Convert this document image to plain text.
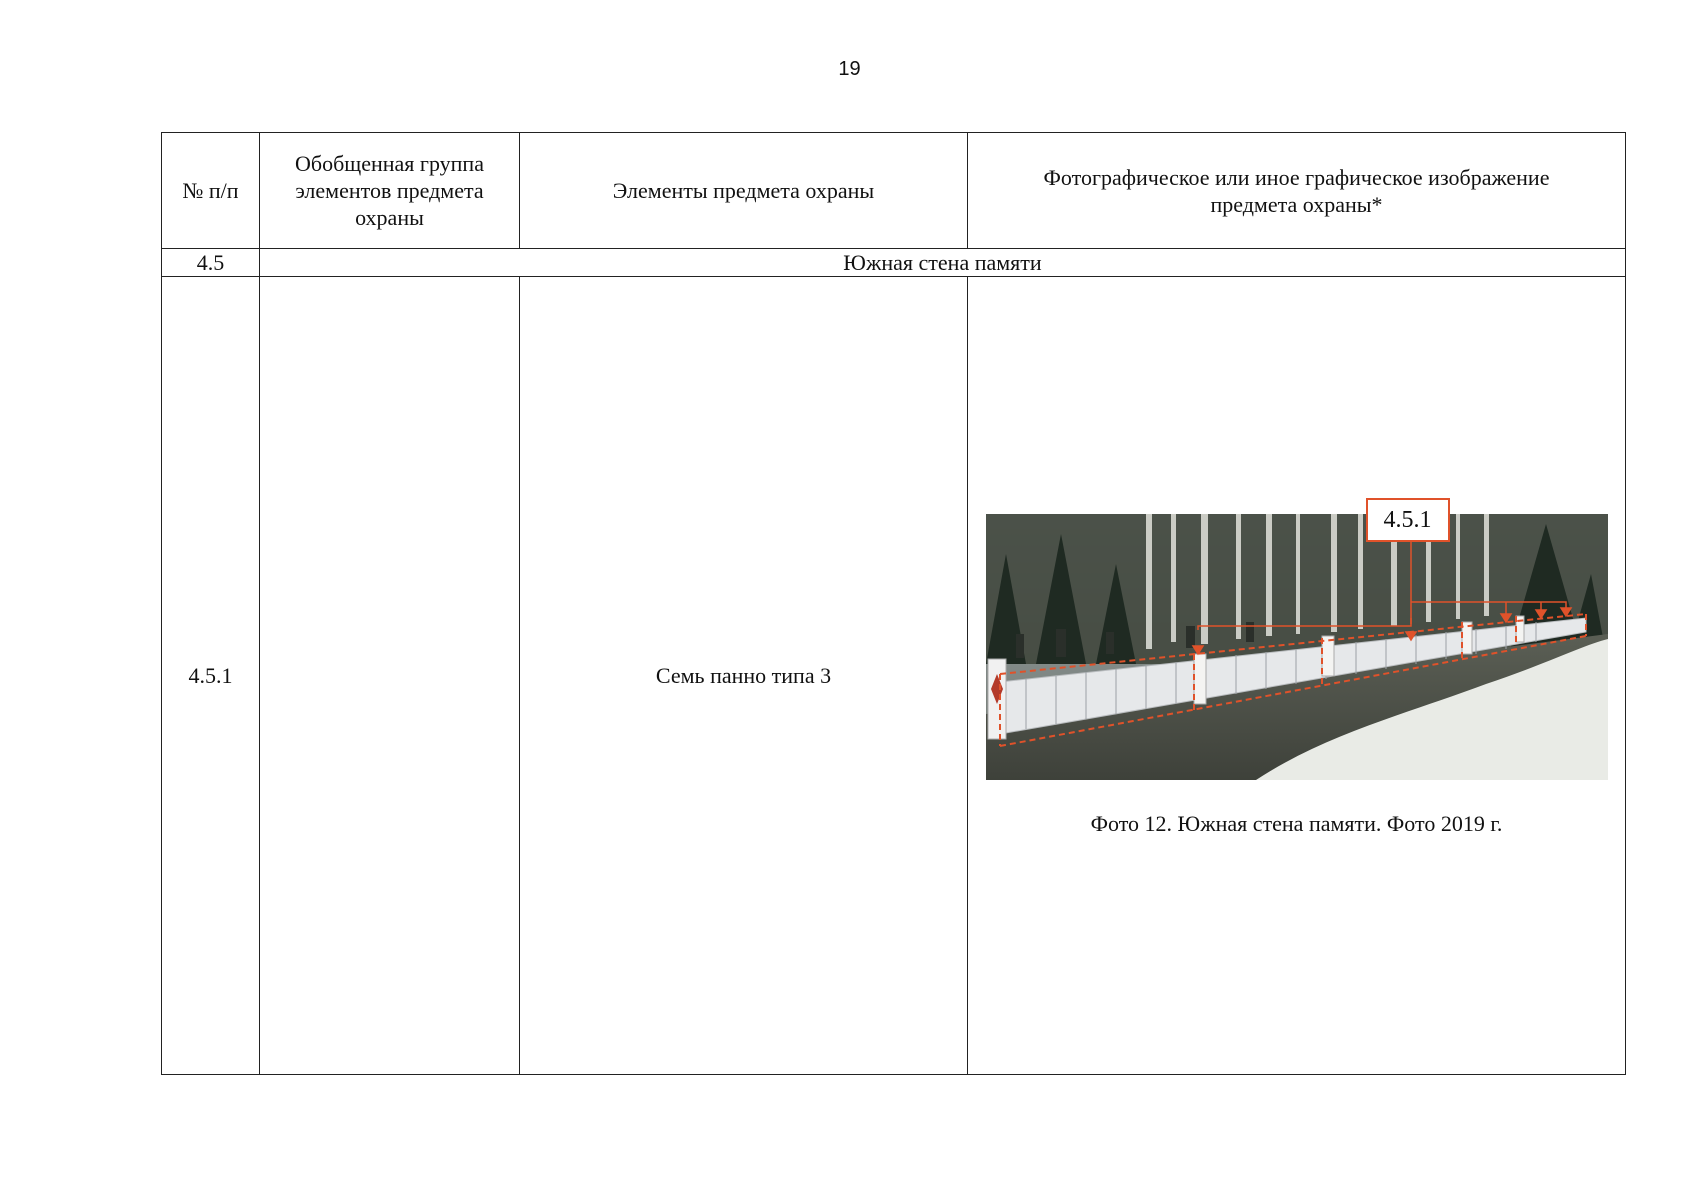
19
№ п/п	Обобщенная группа элементов предмета охраны	Элементы предмета охраны	Фотографическое или иное графическое изображение предмета охраны*
4.5	Южная стена памяти		
4.5.1		Семь панно типа 3	4.5.1
Фото 12. Южная стена памяти. Фото 2019 г.
